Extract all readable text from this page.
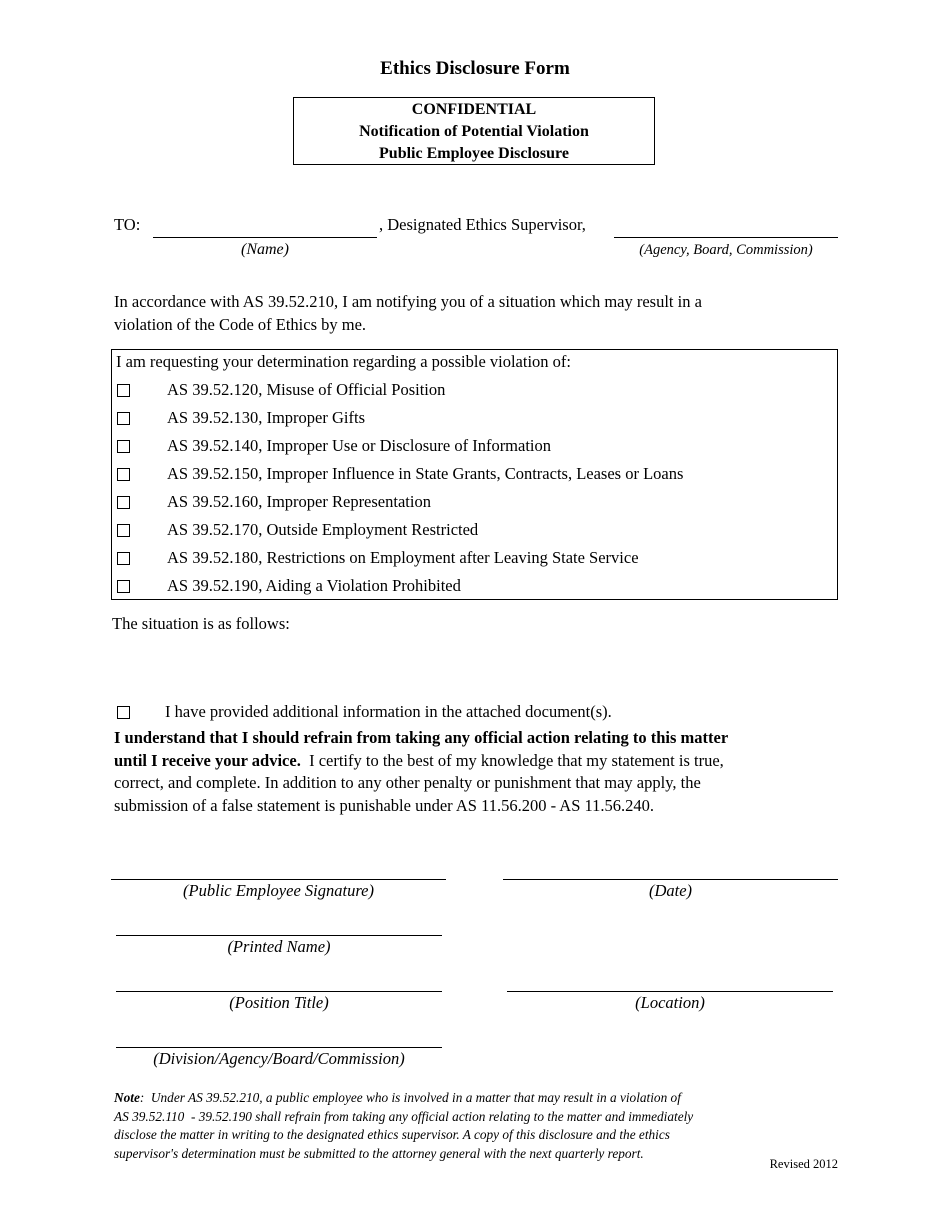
Ethics Disclosure Form
CONFIDENTIAL
Notification of Potential Violation
Public Employee Disclosure
TO:	, Designated Ethics Supervisor,
(Name)	(Agency, Board, Commission)
In accordance with AS 39.52.210, I am notifying you of a situation which may result in a
violation of the Code of Ethics by me.
I am requesting your determination regarding a possible violation of:
AS 39.52.120, Misuse of Official Position
AS 39.52.130, Improper Gifts
AS 39.52.140, Improper Use or Disclosure of Information
AS 39.52.150, Improper Influence in State Grants, Contracts, Leases or Loans
AS 39.52.160, Improper Representation
AS 39.52.170, Outside Employment Restricted
AS 39.52.180, Restrictions on Employment after Leaving State Service
AS 39.52.190, Aiding a Violation Prohibited
The situation is as follows:
I have provided additional information in the attached document(s).
I understand that I should refrain from taking any official action relating to this matter
until I receive your advice.  I certify to the best of my knowledge that my statement is true,
correct, and complete. In addition to any other penalty or punishment that may apply, the
submission of a false statement is punishable under AS 11.56.200 - AS 11.56.240.
(Public Employee Signature)	(Date)
(Printed Name)
(Position Title)	(Location)
(Division/Agency/Board/Commission)
Note:  Under AS 39.52.210, a public employee who is involved in a matter that may result in a violation of
AS 39.52.110  - 39.52.190 shall refrain from taking any official action relating to the matter and immediately
disclose the matter in writing to the designated ethics supervisor. A copy of this disclosure and the ethics
supervisor's determination must be submitted to the attorney general with the next quarterly report.
Revised 2012
